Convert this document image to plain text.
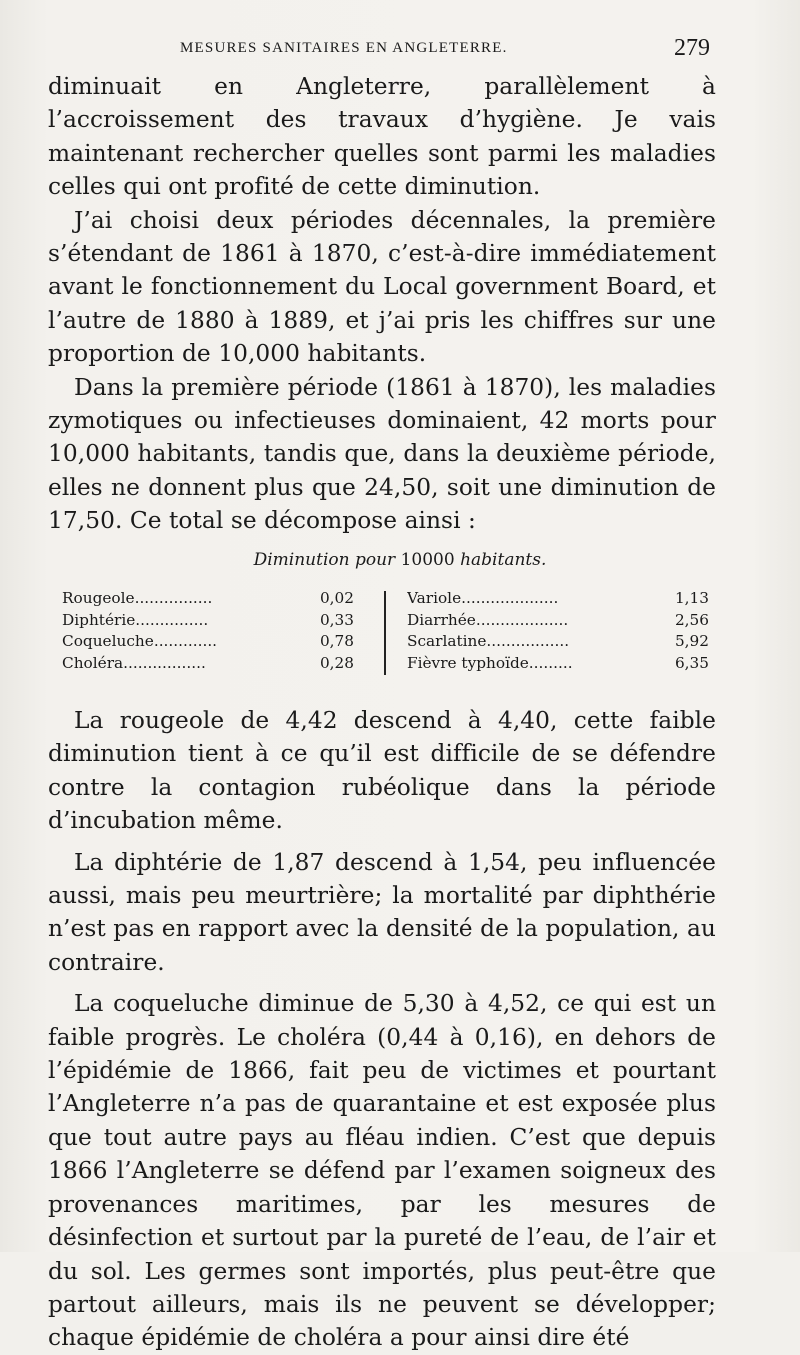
MESURES SANITAIRES EN ANGLETERRE.	279

diminuait en Angleterre, parallèlement à l’accroissement des travaux d’hygiène. Je vais maintenant rechercher quelles sont parmi les maladies celles qui ont profité de cette diminution.

J’ai choisi deux périodes décennales, la première s’étendant de 1861 à 1870, c’est-à-dire immédiatement avant le fonctionnement du Local government Board, et l’autre de 1880 à 1889, et j’ai pris les chiffres sur une proportion de 10,000 habitants.

Dans la première période (1861 à 1870), les maladies zymotiques ou infectieuses dominaient, 42 morts pour 10,000 habitants, tandis que, dans la deuxième période, elles ne donnent plus que 24,50, soit une diminution de 17,50. Ce total se décompose ainsi :

Diminution pour 10000 habitants.
Rougeole................	0,02
Diphtérie...............	0,33
Coqueluche.............	0,78
Choléra.................	0,28
Variole....................	1,13
Diarrhée...................	2,56
Scarlatine.................	5,92
Fièvre typhoïde.........	6,35

La rougeole de 4,42 descend à 4,40, cette faible diminution tient à ce qu’il est difficile de se défendre contre la contagion rubéolique dans la période d’incubation même.

La diphtérie de 1,87 descend à 1,54, peu influencée aussi, mais peu meurtrière; la mortalité par diphthérie n’est pas en rapport avec la densité de la population, au contraire.

La coqueluche diminue de 5,30 à 4,52, ce qui est un faible progrès. Le choléra (0,44 à 0,16), en dehors de l’épidémie de 1866, fait peu de victimes et pourtant l’Angleterre n’a pas de quarantaine et est exposée plus que tout autre pays au fléau indien. C’est que depuis 1866 l’Angleterre se défend par l’examen soigneux des provenances maritimes, par les mesures de désinfection et surtout par la pureté de l’eau, de l’air et du sol. Les germes sont importés, plus peut-être que partout ailleurs, mais ils ne peuvent se développer; chaque épidémie de choléra a pour ainsi dire été
